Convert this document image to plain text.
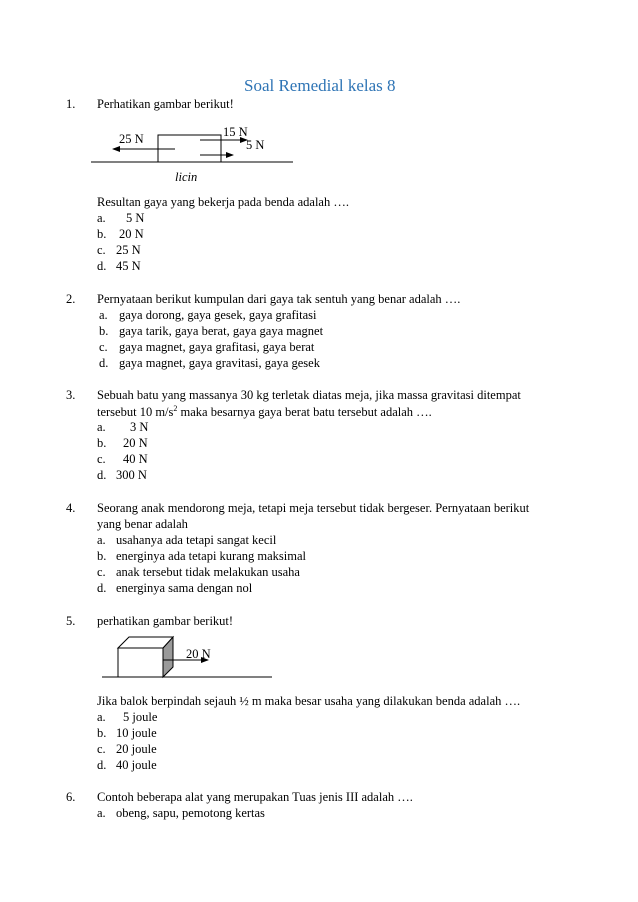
Soal Remedial kelas 8
1. Perhatikan gambar berikut!
25 N	15 N
5 N
licin
Resultan gaya yang bekerja pada benda adalah ….
a. 5 N
b. 20 N
c. 25 N
d. 45 N
2. Pernyataan berikut kumpulan dari gaya tak sentuh yang benar adalah ….
a. gaya dorong, gaya gesek, gaya grafitasi
b. gaya tarik, gaya berat, gaya gaya magnet
c. gaya magnet, gaya grafitasi, gaya berat
d. gaya magnet, gaya gravitasi, gaya gesek
3. Sebuah batu yang massanya 30 kg terletak diatas meja, jika massa gravitasi ditempat
tersebut 10 $m/s^2$ maka besarnya gaya berat batu tersebut adalah ….
a. 3 N
b. 20 N
c. 40 N
d. 300 N
4. Seorang anak mendorong meja, tetapi meja tersebut tidak bergeser. Pernyataan berikut
yang benar adalah
a. usahanya ada tetapi sangat kecil
b. energinya ada tetapi kurang maksimal
c. anak tersebut tidak melakukan usaha
d. energinya sama dengan nol
5. perhatikan gambar berikut!
20 N
Jika balok berpindah sejauh ½ m maka besar usaha yang dilakukan benda adalah ….
a. 5 joule
b. 10 joule
c. 20 joule
d. 40 joule
6. Contoh beberapa alat yang merupakan Tuas jenis III adalah ….
a. obeng, sapu, pemotong kertas
